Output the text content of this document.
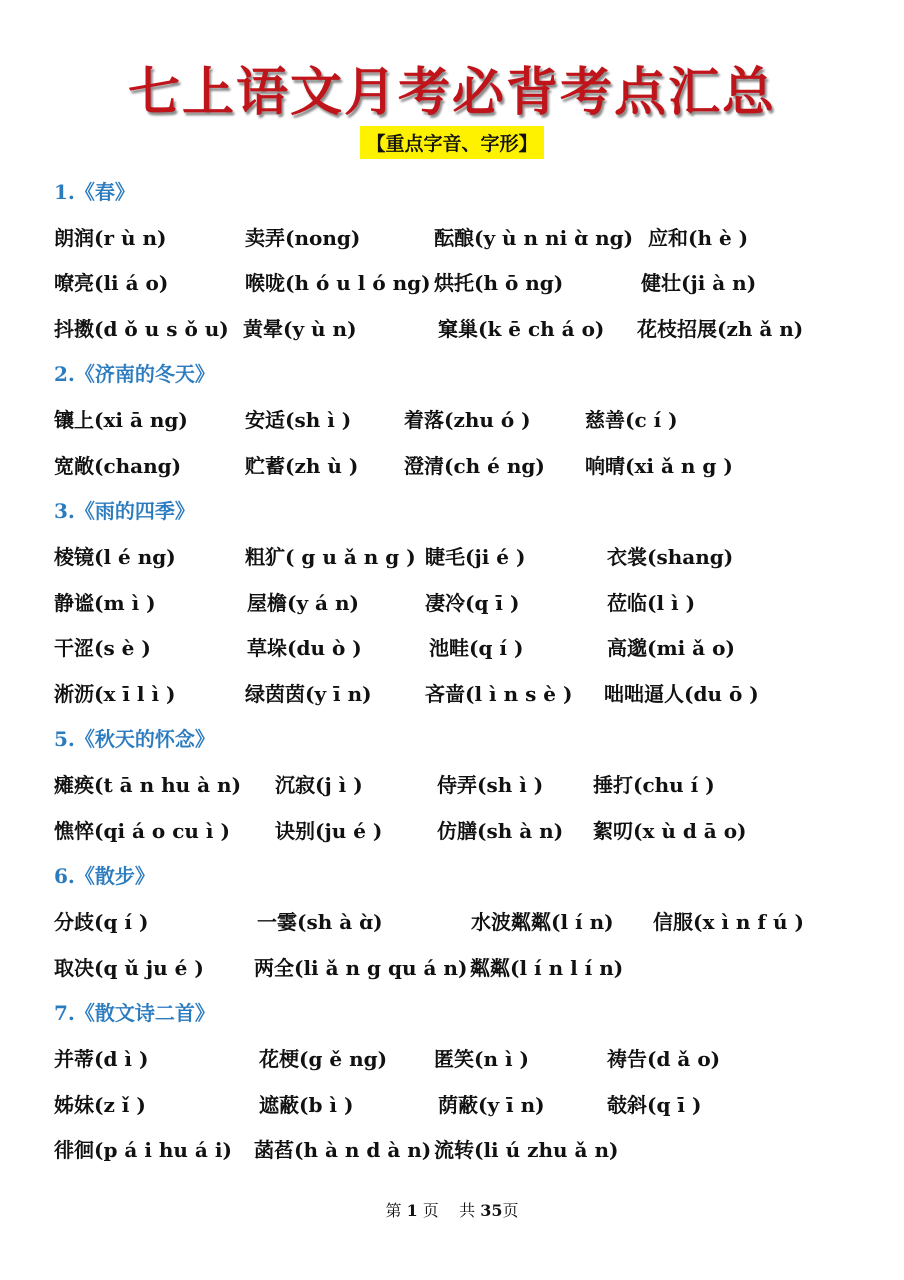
七上语文月考必背考点汇总
【重点字音、字形】
1.《春》
朗润(r ù n)	卖弄(nong)	酝酿(y ù n ni ɑ̀ ng) 应和(h è )
嘹亮(li á o)	喉咙(h ó u l ó ng) 烘托(h ō ng)	健壮(ji à n)
抖擞(d ǒ u s ǒ u) 黄晕(y ù n)	窠巢(k ē ch á o) 花枝招展(zh ǎ n)
2.《济南的冬天》
镶上(xi ā ng)	安适(sh ì )	着落(zhu ó )	慈善(c í )
宽敞(chang)	贮蓄(zh ù ) 澄清(ch é ng) 响晴(xi ǎ n g )
3.《雨的四季》
棱镜(l é ng)	粗犷( g u ǎ n g ) 睫毛(ji é )	衣裳(shang)
静谧(m ì )	屋檐(y á n)	凄冷(q ī )	莅临(l ì )
干涩(s è )	草垛(du ò )	池畦(q í )	高邈(mi ǎ o)
淅沥(x ī l ì )	绿茵茵(y ī n)	吝啬(l ì n s è ) 咄咄逼人(du ō )
5.《秋天的怀念》
瘫痪(t ā n hu à n) 沉寂(j ì )	侍弄(sh ì ) 捶打(chu í )
憔悴(qi á o cu ì ) 诀别(ju é )	仿膳(sh à n) 絮叨(x ù d ā o)
6.《散步》
分歧(q í )	一霎(sh à ɑ̀)	水波粼粼(l í n) 信服(x ì n f ú )
取决(q ǔ ju é )	两全(li ǎ n g qu á n) 粼粼(l í n l í n)
7.《散文诗二首》
并蒂(d ì )	花梗(g ě ng) 匿笑(n ì )	祷告(d ǎ o)
姊妹(z ǐ )	遮蔽(b ì )	荫蔽(y ī n)	攲斜(q ī )
徘徊(p á i hu á i) 菡萏(h à n d à n) 流转(li ú zhu ǎ n)
第 1 页 共 35页
